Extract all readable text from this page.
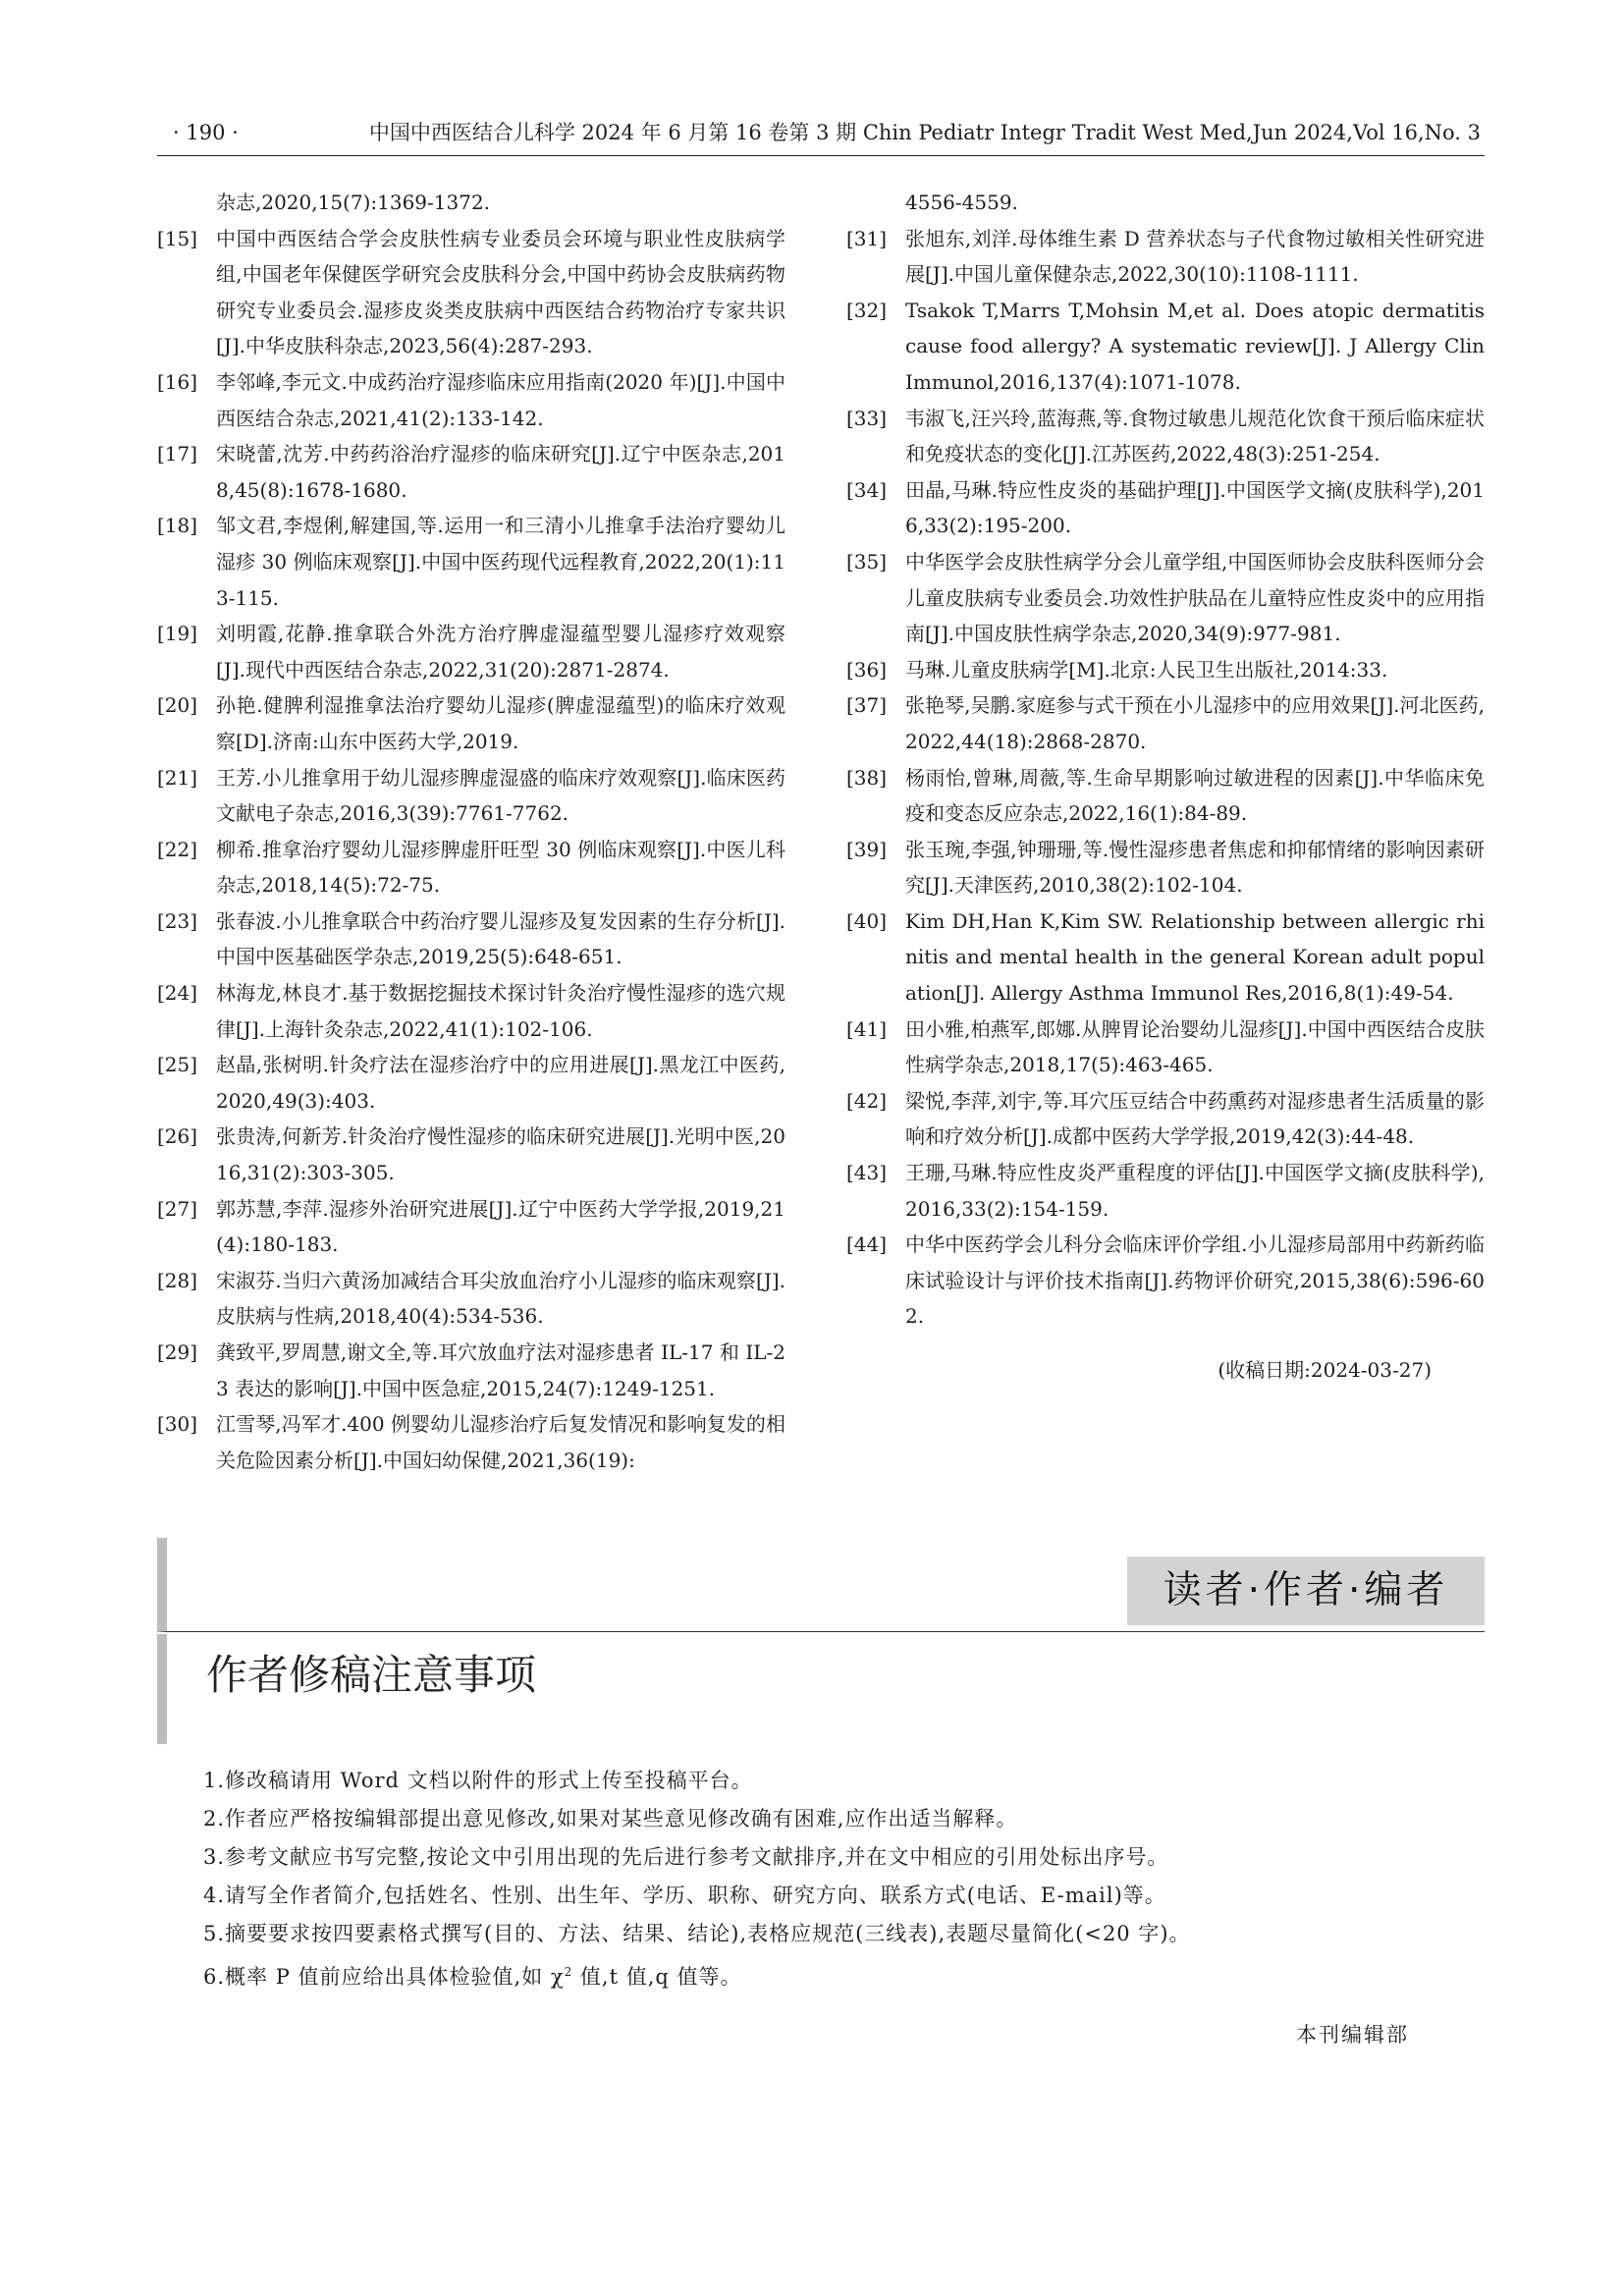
· 190 ·	中国中西医结合儿科学 2024 年 6 月第 16 卷第 3 期 Chin Pediatr Integr Tradit West Med,Jun 2024,Vol 16,No. 3
杂志,2020,15(7):1369-1372.
[15] 中国中西医结合学会皮肤性病专业委员会环境与职业性皮肤病学组,中国老年保健医学研究会皮肤科分会,中国中药协会皮肤病药物研究专业委员会.湿疹皮炎类皮肤病中西医结合药物治疗专家共识[J].中华皮肤科杂志,2023,56(4):287-293.
[16] 李邻峰,李元文.中成药治疗湿疹临床应用指南(2020 年)[J].中国中西医结合杂志,2021,41(2):133-142.
[17] 宋晓蕾,沈芳.中药药浴治疗湿疹的临床研究[J].辽宁中医杂志,2018,45(8):1678-1680.
[18] 邹文君,李煜俐,解建国,等.运用一和三清小儿推拿手法治疗婴幼儿湿疹 30 例临床观察[J].中国中医药现代远程教育,2022,20(1):113-115.
[19] 刘明霞,花静.推拿联合外洗方治疗脾虚湿蕴型婴儿湿疹疗效观察[J].现代中西医结合杂志,2022,31(20):2871-2874.
[20] 孙艳.健脾利湿推拿法治疗婴幼儿湿疹(脾虚湿蕴型)的临床疗效观察[D].济南:山东中医药大学,2019.
[21] 王芳.小儿推拿用于幼儿湿疹脾虚湿盛的临床疗效观察[J].临床医药文献电子杂志,2016,3(39):7761-7762.
[22] 柳希.推拿治疗婴幼儿湿疹脾虚肝旺型 30 例临床观察[J].中医儿科杂志,2018,14(5):72-75.
[23] 张春波.小儿推拿联合中药治疗婴儿湿疹及复发因素的生存分析[J].中国中医基础医学杂志,2019,25(5):648-651.
[24] 林海龙,林良才.基于数据挖掘技术探讨针灸治疗慢性湿疹的选穴规律[J].上海针灸杂志,2022,41(1):102-106.
[25] 赵晶,张树明.针灸疗法在湿疹治疗中的应用进展[J].黑龙江中医药,2020,49(3):403.
[26] 张贵涛,何新芳.针灸治疗慢性湿疹的临床研究进展[J].光明中医,2016,31(2):303-305.
[27] 郭苏慧,李萍.湿疹外治研究进展[J].辽宁中医药大学学报,2019,21(4):180-183.
[28] 宋淑芬.当归六黄汤加减结合耳尖放血治疗小儿湿疹的临床观察[J].皮肤病与性病,2018,40(4):534-536.
[29] 龚致平,罗周慧,谢文全,等.耳穴放血疗法对湿疹患者 IL-17 和 IL-23 表达的影响[J].中国中医急症,2015,24(7):1249-1251.
[30] 江雪琴,冯军才.400 例婴幼儿湿疹治疗后复发情况和影响复发的相关危险因素分析[J].中国妇幼保健,2021,36(19):
4556-4559.
[31] 张旭东,刘洋.母体维生素 D 营养状态与子代食物过敏相关性研究进展[J].中国儿童保健杂志,2022,30(10):1108-1111.
[32] Tsakok T,Marrs T,Mohsin M,et al. Does atopic dermatitis cause food allergy? A systematic review[J]. J Allergy Clin Immunol,2016,137(4):1071-1078.
[33] 韦淑飞,汪兴玲,蓝海燕,等.食物过敏患儿规范化饮食干预后临床症状和免疫状态的变化[J].江苏医药,2022,48(3):251-254.
[34] 田晶,马琳.特应性皮炎的基础护理[J].中国医学文摘(皮肤科学),2016,33(2):195-200.
[35] 中华医学会皮肤性病学分会儿童学组,中国医师协会皮肤科医师分会儿童皮肤病专业委员会.功效性护肤品在儿童特应性皮炎中的应用指南[J].中国皮肤性病学杂志,2020,34(9):977-981.
[36] 马琳.儿童皮肤病学[M].北京:人民卫生出版社,2014:33.
[37] 张艳琴,吴鹏.家庭参与式干预在小儿湿疹中的应用效果[J].河北医药,2022,44(18):2868-2870.
[38] 杨雨怡,曾琳,周薇,等.生命早期影响过敏进程的因素[J].中华临床免疫和变态反应杂志,2022,16(1):84-89.
[39] 张玉琬,李强,钟珊珊,等.慢性湿疹患者焦虑和抑郁情绪的影响因素研究[J].天津医药,2010,38(2):102-104.
[40] Kim DH,Han K,Kim SW. Relationship between allergic rhinitis and mental health in the general Korean adult population[J]. Allergy Asthma Immunol Res,2016,8(1):49-54.
[41] 田小雅,柏燕军,郎娜.从脾胃论治婴幼儿湿疹[J].中国中西医结合皮肤性病学杂志,2018,17(5):463-465.
[42] 梁悦,李萍,刘宇,等.耳穴压豆结合中药熏药对湿疹患者生活质量的影响和疗效分析[J].成都中医药大学学报,2019,42(3):44-48.
[43] 王珊,马琳.特应性皮炎严重程度的评估[J].中国医学文摘(皮肤科学),2016,33(2):154-159.
[44] 中华中医药学会儿科分会临床评价学组.小儿湿疹局部用中药新药临床试验设计与评价技术指南[J].药物评价研究,2015,38(6):596-602.
(收稿日期:2024-03-27)
读者·作者·编者
作者修稿注意事项
1.修改稿请用 Word 文档以附件的形式上传至投稿平台。
2.作者应严格按编辑部提出意见修改,如果对某些意见修改确有困难,应作出适当解释。
3.参考文献应书写完整,按论文中引用出现的先后进行参考文献排序,并在文中相应的引用处标出序号。
4.请写全作者简介,包括姓名、性别、出生年、学历、职称、研究方向、联系方式(电话、E-mail)等。
5.摘要要求按四要素格式撰写(目的、方法、结果、结论),表格应规范(三线表),表题尽量简化(<20 字)。
6.概率 P 值前应给出具体检验值,如 $\chi^2$ 值,t 值,q 值等。
本刊编辑部
